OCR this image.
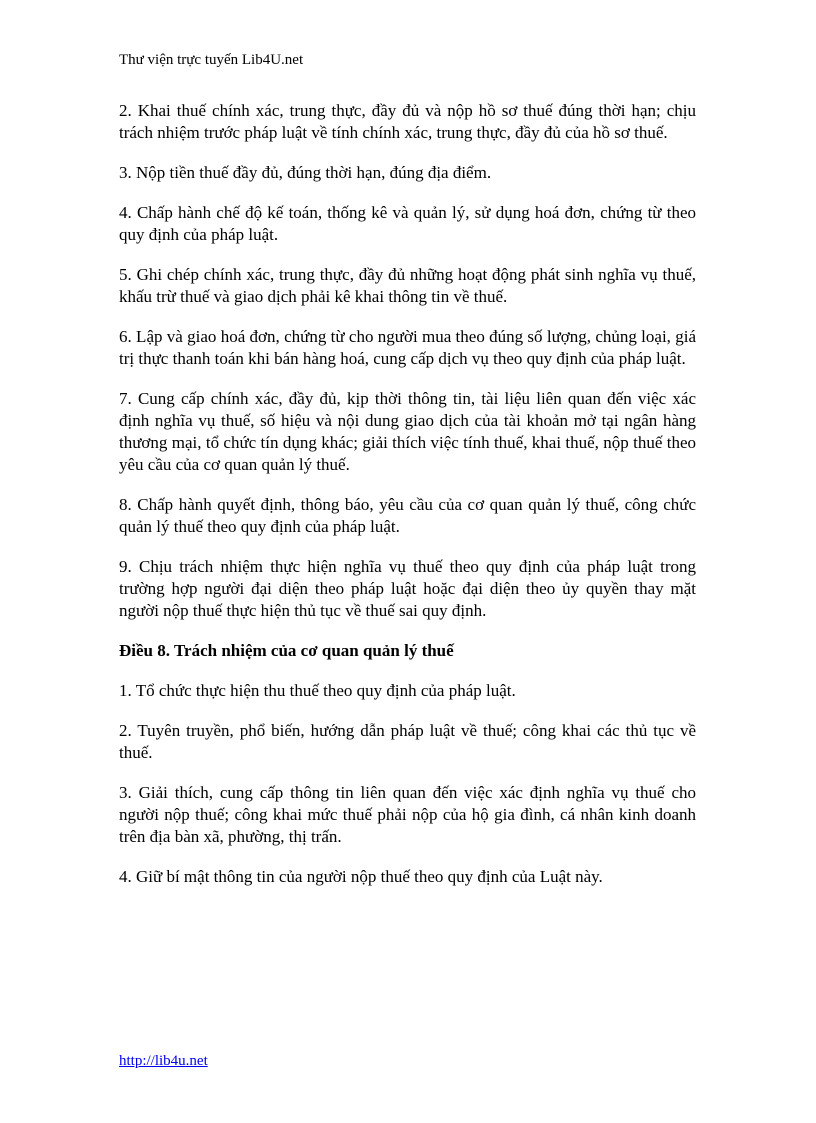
Thư viện trực tuyến Lib4U.net

2. Khai thuế chính xác, trung thực, đầy đủ và nộp hồ sơ thuế đúng thời hạn; chịu trách nhiệm trước pháp luật về tính chính xác, trung thực, đầy đủ của hồ sơ thuế.

3. Nộp tiền thuế đầy đủ, đúng thời hạn, đúng địa điểm.

4. Chấp hành chế độ kế toán, thống kê và quản lý, sử dụng hoá đơn, chứng từ theo quy định của pháp luật.

5. Ghi chép chính xác, trung thực, đầy đủ những hoạt động phát sinh nghĩa vụ thuế, khấu trừ thuế và giao dịch phải kê khai thông tin về thuế.

6. Lập và giao hoá đơn, chứng từ cho người mua theo đúng số lượng, chủng loại, giá trị thực thanh toán khi bán hàng hoá, cung cấp dịch vụ theo quy định của pháp luật.

7. Cung cấp chính xác, đầy đủ, kịp thời thông tin, tài liệu liên quan đến việc xác định nghĩa vụ thuế, số hiệu và nội dung giao dịch của tài khoản mở tại ngân hàng thương mại, tổ chức tín dụng khác; giải thích việc tính thuế, khai thuế, nộp thuế theo yêu cầu của cơ quan quản lý thuế.

8. Chấp hành quyết định, thông báo, yêu cầu của cơ quan quản lý thuế, công chức quản lý thuế theo quy định của pháp luật.

9. Chịu trách nhiệm thực hiện nghĩa vụ thuế theo quy định của pháp luật trong trường hợp người đại diện theo pháp luật hoặc đại diện theo ủy quyền thay mặt người nộp thuế thực hiện thủ tục về thuế sai quy định.

Điều 8. Trách nhiệm của cơ quan quản lý thuế

1. Tổ chức thực hiện thu thuế theo quy định của pháp luật.

2. Tuyên truyền, phổ biến, hướng dẫn pháp luật về thuế; công khai các thủ tục về thuế.

3. Giải thích, cung cấp thông tin liên quan đến việc xác định nghĩa vụ thuế cho người nộp thuế; công khai mức thuế phải nộp của hộ gia đình, cá nhân kinh doanh trên địa bàn xã, phường, thị trấn.

4. Giữ bí mật thông tin của người nộp thuế theo quy định của Luật này.

http://lib4u.net
